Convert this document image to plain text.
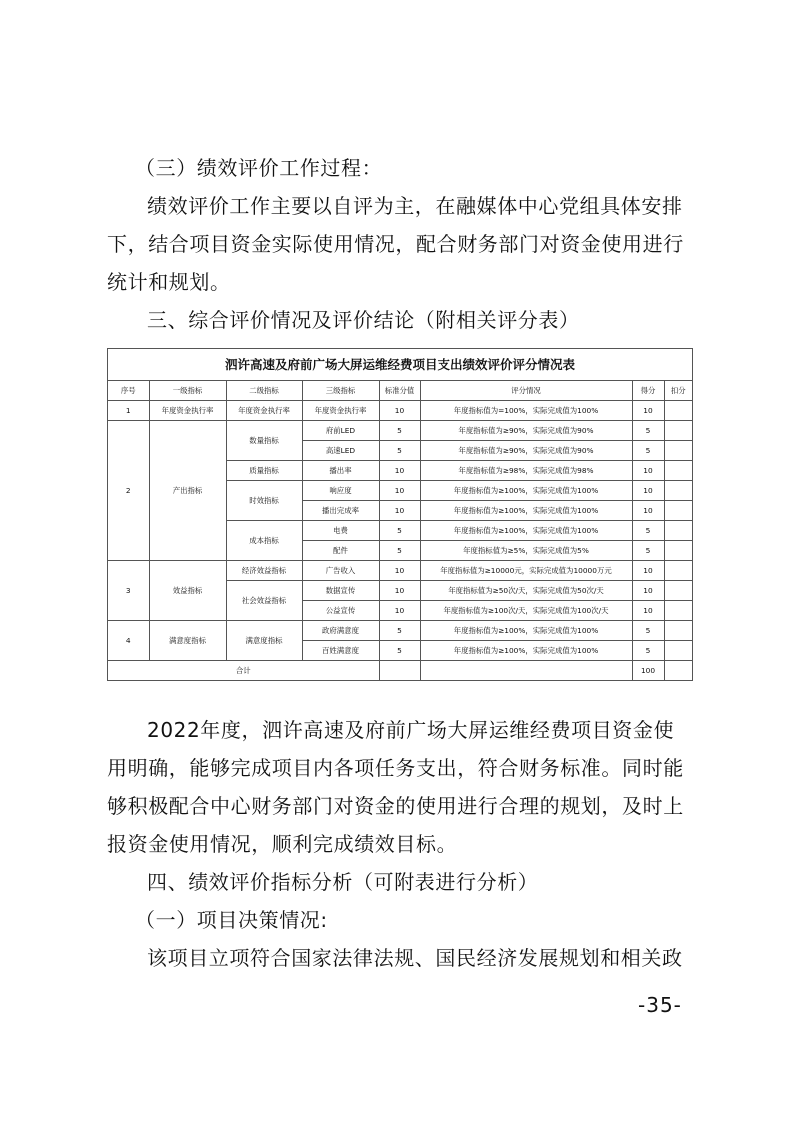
（三）绩效评价工作过程：

绩效评价工作主要以自评为主，在融媒体中心党组具体安排下，结合项目资金实际使用情况，配合财务部门对资金使用进行统计和规划。

三、综合评价情况及评价结论（附相关评分表）

泗许高速及府前广场大屏运维经费项目支出绩效评价评分情况表
序号	一级指标	二级指标	三级指标	标准分值	评分情况	得分	扣分
1	年度资金执行率	年度资金执行率	年度资金执行率	10	年度指标值为=100%，实际完成值为100%	10	
2	产出指标	数量指标	府前LED	5	年度指标值为≥90%，实际完成值为90%	5	
			高速LED	5	年度指标值为≥90%，实际完成值为90%	5	
		质量指标	播出率	10	年度指标值为≥98%，实际完成值为98%	10	
		时效指标	响应度	10	年度指标值为≥100%，实际完成值为100%	10	
			播出完成率	10	年度指标值为≥100%，实际完成值为100%	10	
		成本指标	电费	5	年度指标值为≥100%，实际完成值为100%	5	
			配件	5	年度指标值为≥5%，实际完成值为5%	5	
3	效益指标	经济效益指标	广告收入	10	年度指标值为≥10000元，实际完成值为10000万元	10	
		社会效益指标	数据宣传	10	年度指标值为≥50次/天，实际完成值为50次/天	10	
			公益宣传	10	年度指标值为≥100次/天，实际完成值为100次/天	10	
4	满意度指标	满意度指标	政府满意度	5	年度指标值为≥100%，实际完成值为100%	5	
			百姓满意度	5	年度指标值为≥100%，实际完成值为100%	5	
合计						100	

2022年度，泗许高速及府前广场大屏运维经费项目资金使用明确，能够完成项目内各项任务支出，符合财务标准。同时能够积极配合中心财务部门对资金的使用进行合理的规划，及时上报资金使用情况，顺利完成绩效目标。

四、绩效评价指标分析（可附表进行分析）

（一）项目决策情况:

该项目立项符合国家法律法规、国民经济发展规划和相关政

-35-
